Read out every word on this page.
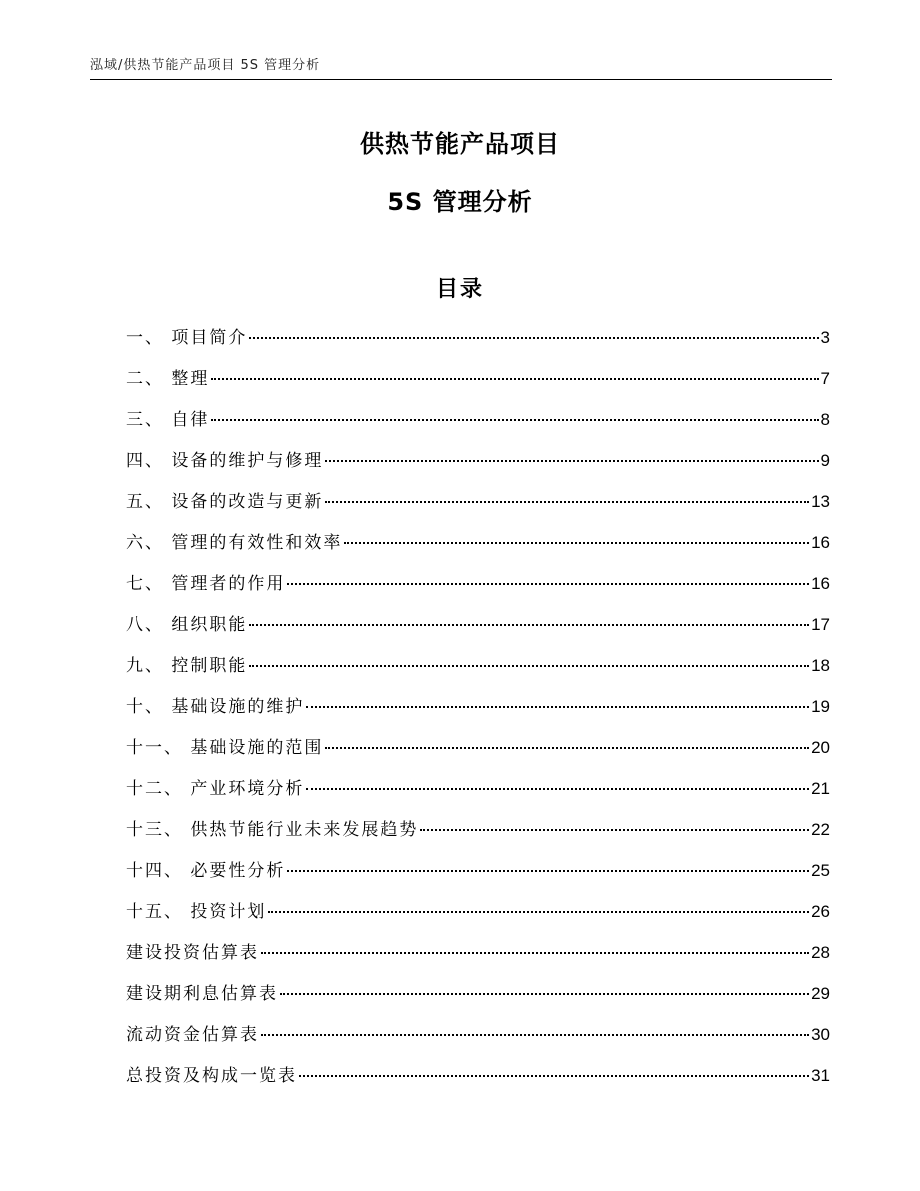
泓域/供热节能产品项目 5S 管理分析
供热节能产品项目
5S 管理分析
目录
一、 项目简介	3
二、 整理	7
三、 自律	8
四、 设备的维护与修理	9
五、 设备的改造与更新	13
六、 管理的有效性和效率	16
七、 管理者的作用	16
八、 组织职能	17
九、 控制职能	18
十、 基础设施的维护	19
十一、 基础设施的范围	20
十二、 产业环境分析	21
十三、 供热节能行业未来发展趋势	22
十四、 必要性分析	25
十五、 投资计划	26
建设投资估算表	28
建设期利息估算表	29
流动资金估算表	30
总投资及构成一览表	31
